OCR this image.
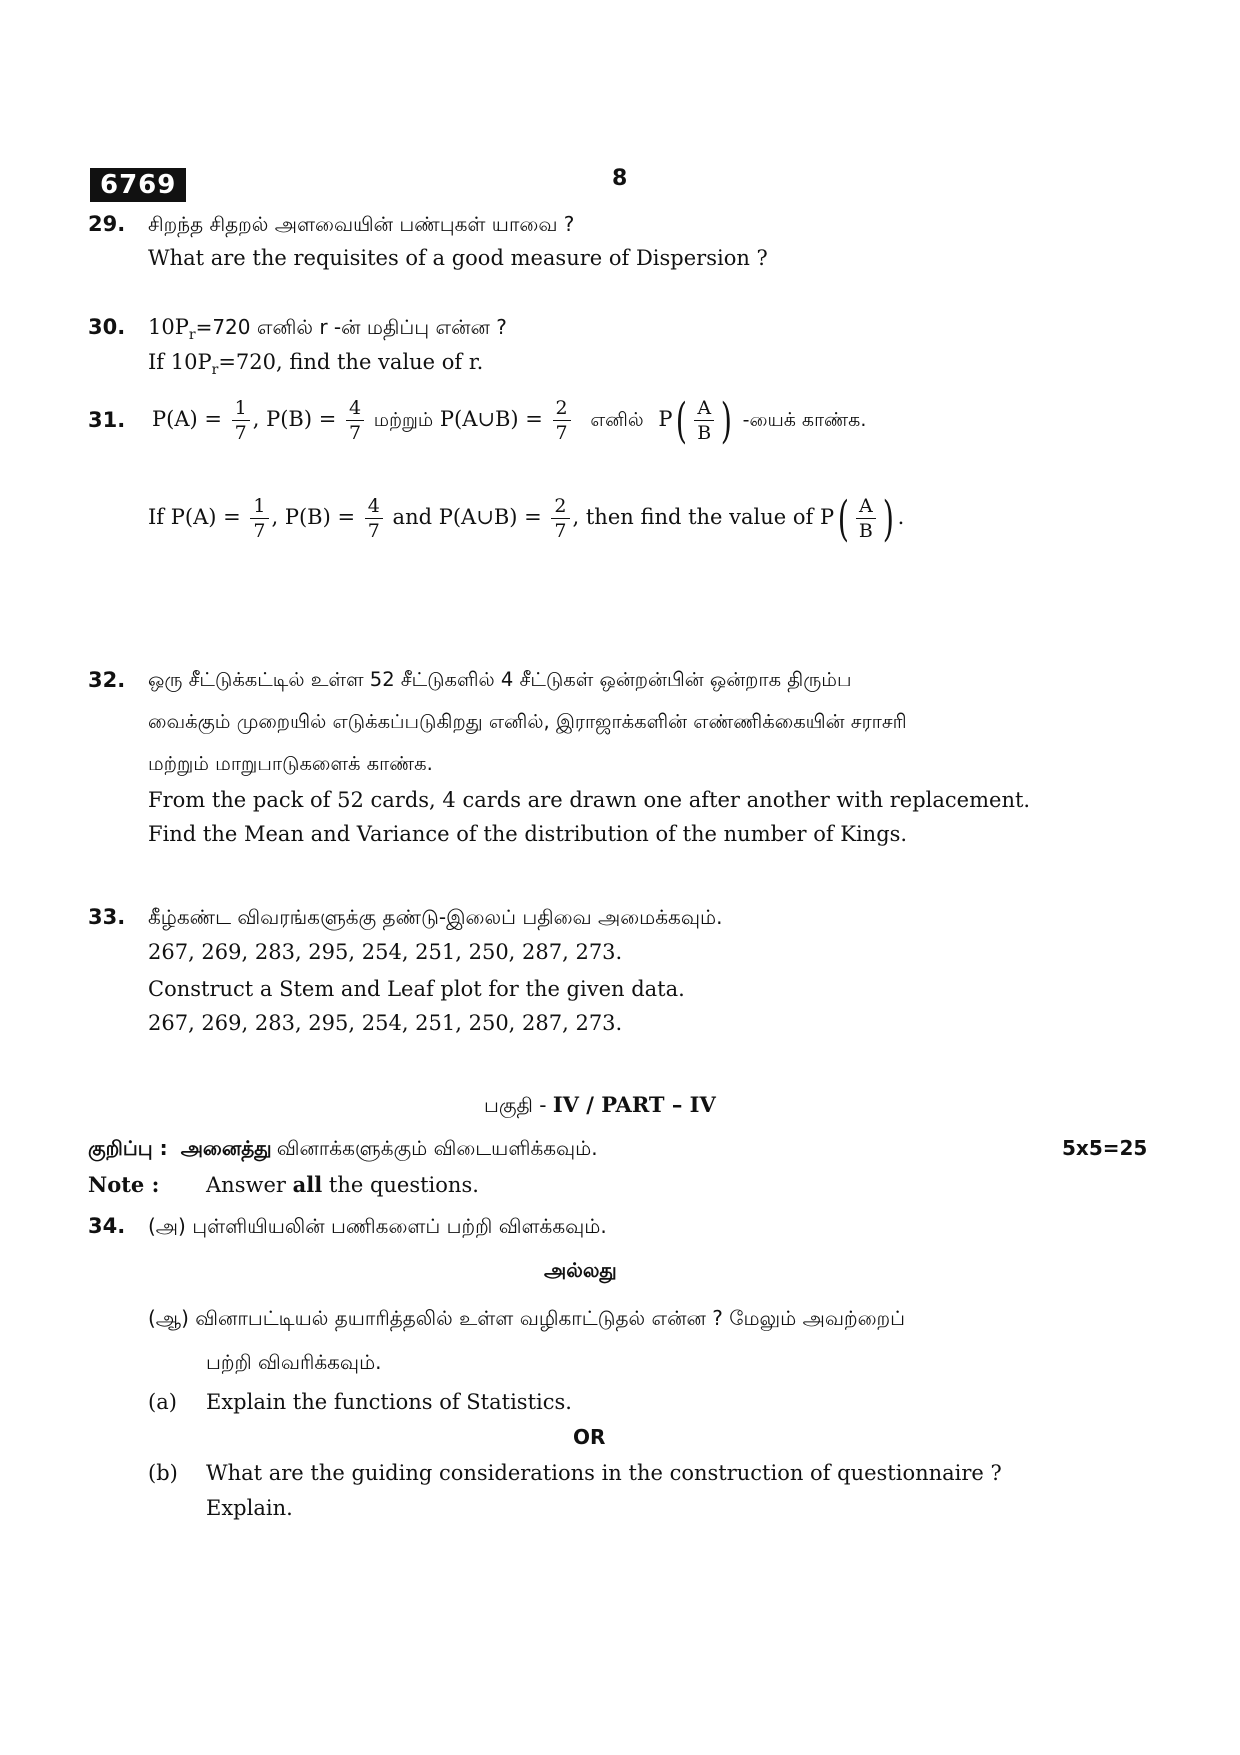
6769	8
29. சிறந்த சிதறல் அளவையின் பண்புகள் யாவை ?
What are the requisites of a good measure of Dispersion ?
30. $10P_r=720$ எனில் r -ன் மதிப்பு என்ன ?
If $10P_r=720$, find the value of r.
31. $P(A) = \frac{1}{7}$ , $P(B) = \frac{4}{7}$ மற்றும் P(A∪B) = $\frac{2}{7}$ எனில் $P( \frac{A}{B}$ ) -யைக் காண்க.
If $P(A) = \frac{1}{7}$ , $P(B) = \frac{4}{7}$ and P(A∪B) = $\frac{2}{7}$ , then find the value of $P( \frac{A}{B}$ ) .
32. ஒரு சீட்டுக்கட்டில் உள்ள 52 சீட்டுகளில் 4 சீட்டுகள் ஒன்றன்பின் ஒன்றாக திரும்ப
வைக்கும் முறையில் எடுக்கப்படுகிறது எனில், இராஜாக்களின் எண்ணிக்கையின் சராசரி
மற்றும் மாறுபாடுகளைக் காண்க.
From the pack of 52 cards, 4 cards are drawn one after another with replacement.
Find the Mean and Variance of the distribution of the number of Kings.
33. கீழ்கண்ட விவரங்களுக்கு தண்டு-இலைப் பதிவை அமைக்கவும்.
267, 269, 283, 295, 254, 251, 250, 287, 273.
Construct a Stem and Leaf plot for the given data.
267, 269, 283, 295, 254, 251, 250, 287, 273.
பகுதி - IV / PART – IV
குறிப்பு : அனைத்து வினாக்களுக்கும் விடையளிக்கவும்.	5x5=25
Note : Answer all the questions.
34. (அ) புள்ளியியலின் பணிகளைப் பற்றி விளக்கவும்.
அல்லது
(ஆ) வினாபட்டியல் தயாரித்தலில் உள்ள வழிகாட்டுதல் என்ன ? மேலும் அவற்றைப்
பற்றி விவரிக்கவும்.
(a) Explain the functions of Statistics.
OR
(b) What are the guiding considerations in the construction of questionnaire ?
Explain.
